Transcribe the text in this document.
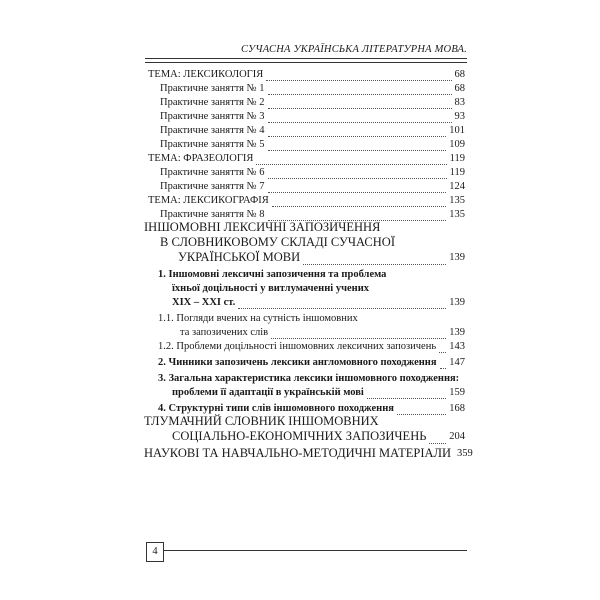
СУЧАСНА УКРАЇНСЬКА ЛІТЕРАТУРНА МОВА.
ТЕМА: ЛЕКСИКОЛОГІЯ	68
Практичне заняття № 1	68
Практичне заняття № 2	83
Практичне заняття № 3	93
Практичне заняття № 4	101
Практичне заняття № 5	109
ТЕМА: ФРАЗЕОЛОГІЯ	119
Практичне заняття № 6	119
Практичне заняття № 7	124
ТЕМА: ЛЕКСИКОГРАФІЯ	135
Практичне заняття № 8	135
ІНШОМОВНІ ЛЕКСИЧНІ ЗАПОЗИЧЕННЯ
В СЛОВНИКОВОМУ СКЛАДІ СУЧАСНОЇ
УКРАЇНСЬКОЇ МОВИ	139
1. Іншомовні лексичні запозичення та проблема
їхньої доцільності у витлумаченні учених
XIX – XXI ст.	139
1.1. Погляди вчених на сутність іншомовних
та запозичених слів	139
1.2. Проблеми доцільності іншомовних лексичних запозичень 143
2. Чинники запозичень лексики англомовного походження 147
3. Загальна характеристика лексики іншомовного походження:
проблеми її адаптації в українській мові	159
4. Структурні типи слів іншомовного походження	168
ТЛУМАЧНИЙ СЛОВНИК ІНШОМОВНИХ
СОЦІАЛЬНО-ЕКОНОМІЧНИХ ЗАПОЗИЧЕНЬ 204
НАУКОВІ ТА НАВЧАЛЬНО-МЕТОДИЧНІ МАТЕРІАЛИ 359
4
